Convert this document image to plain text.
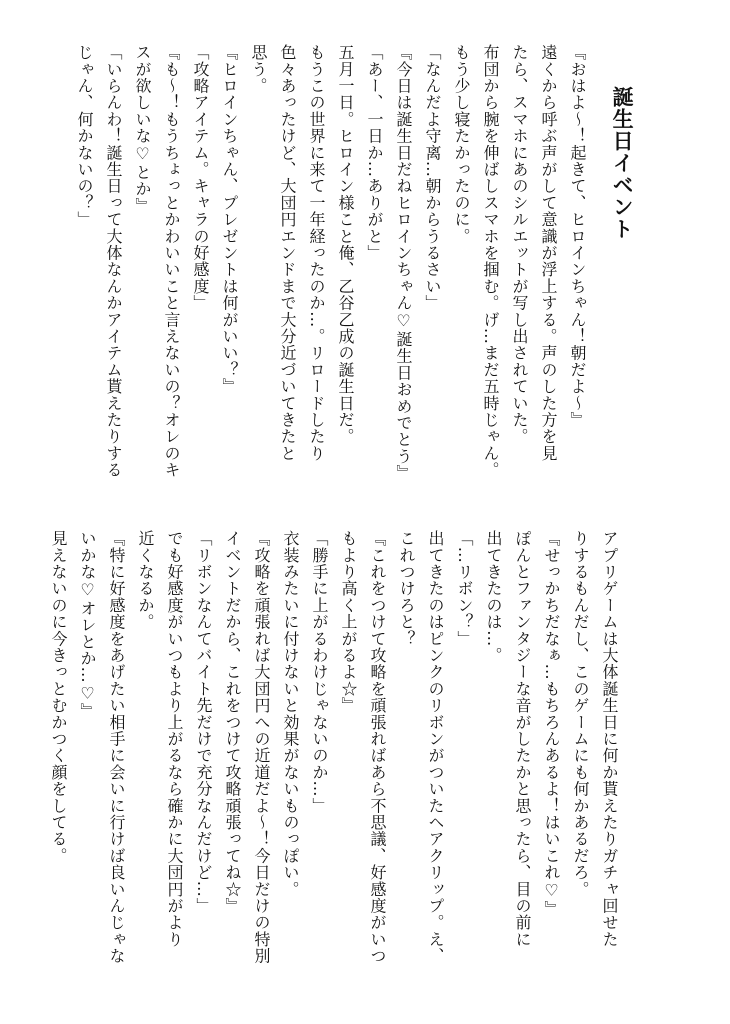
誕生日イベント

『おはよ〜！起きて、ヒロインちゃん！朝だよ〜』

遠くから呼ぶ声がして意識が浮上する。声のした方を見

たら、スマホにあのシルエットが写し出されていた。

布団から腕を伸ばしスマホを掴む。げ…まだ五時じゃん。

もう少し寝たかったのに。

「なんだよ守离…朝からうるさい」

『今日は誕生日だねヒロインちゃん♡誕生日おめでとう』

「あー、一日か…ありがと」

五月一日。ヒロイン様こと俺、乙谷乙成の誕生日だ。

もうこの世界に来て一年経ったのか…。リロードしたり

色々あったけど、大団円エンドまで大分近づいてきたと

思う。

『ヒロインちゃん、プレゼントは何がいい？』

「攻略アイテム。キャラの好感度」

『も〜！もうちょっとかわいいこと言えないの？オレのキ

スが欲しいな♡とか』

「いらんわ！誕生日って大体なんかアイテム貰えたりする

じゃん、何かないの？」

アプリゲームは大体誕生日に何か貰えたりガチャ回せた

りするもんだし、このゲームにも何かあるだろ。

『せっかちだなぁ…もちろんあるよ！はいこれ♡』

ぽんとファンタジーな音がしたかと思ったら、目の前に

出てきたのは…。

「…リボン？」

出てきたのはピンクのリボンがついたヘアクリップ。え、

これつけろと？

『これをつけて攻略を頑張ればあら不思議、好感度がいつ

もより高く上がるよ☆』

「勝手に上がるわけじゃないのか…」

衣装みたいに付けないと効果がないものっぽい。

『攻略を頑張れば大団円への近道だよ〜！今日だけの特別

イベントだから、これをつけて攻略頑張ってね☆』

「リボンなんてバイト先だけで充分なんだけど…」

でも好感度がいつもより上がるなら確かに大団円がより

近くなるか。

『特に好感度をあげたい相手に会いに行けば良いんじゃな

いかな♡オレとか…♡』

見えないのに今きっとむかつく顔をしてる。
